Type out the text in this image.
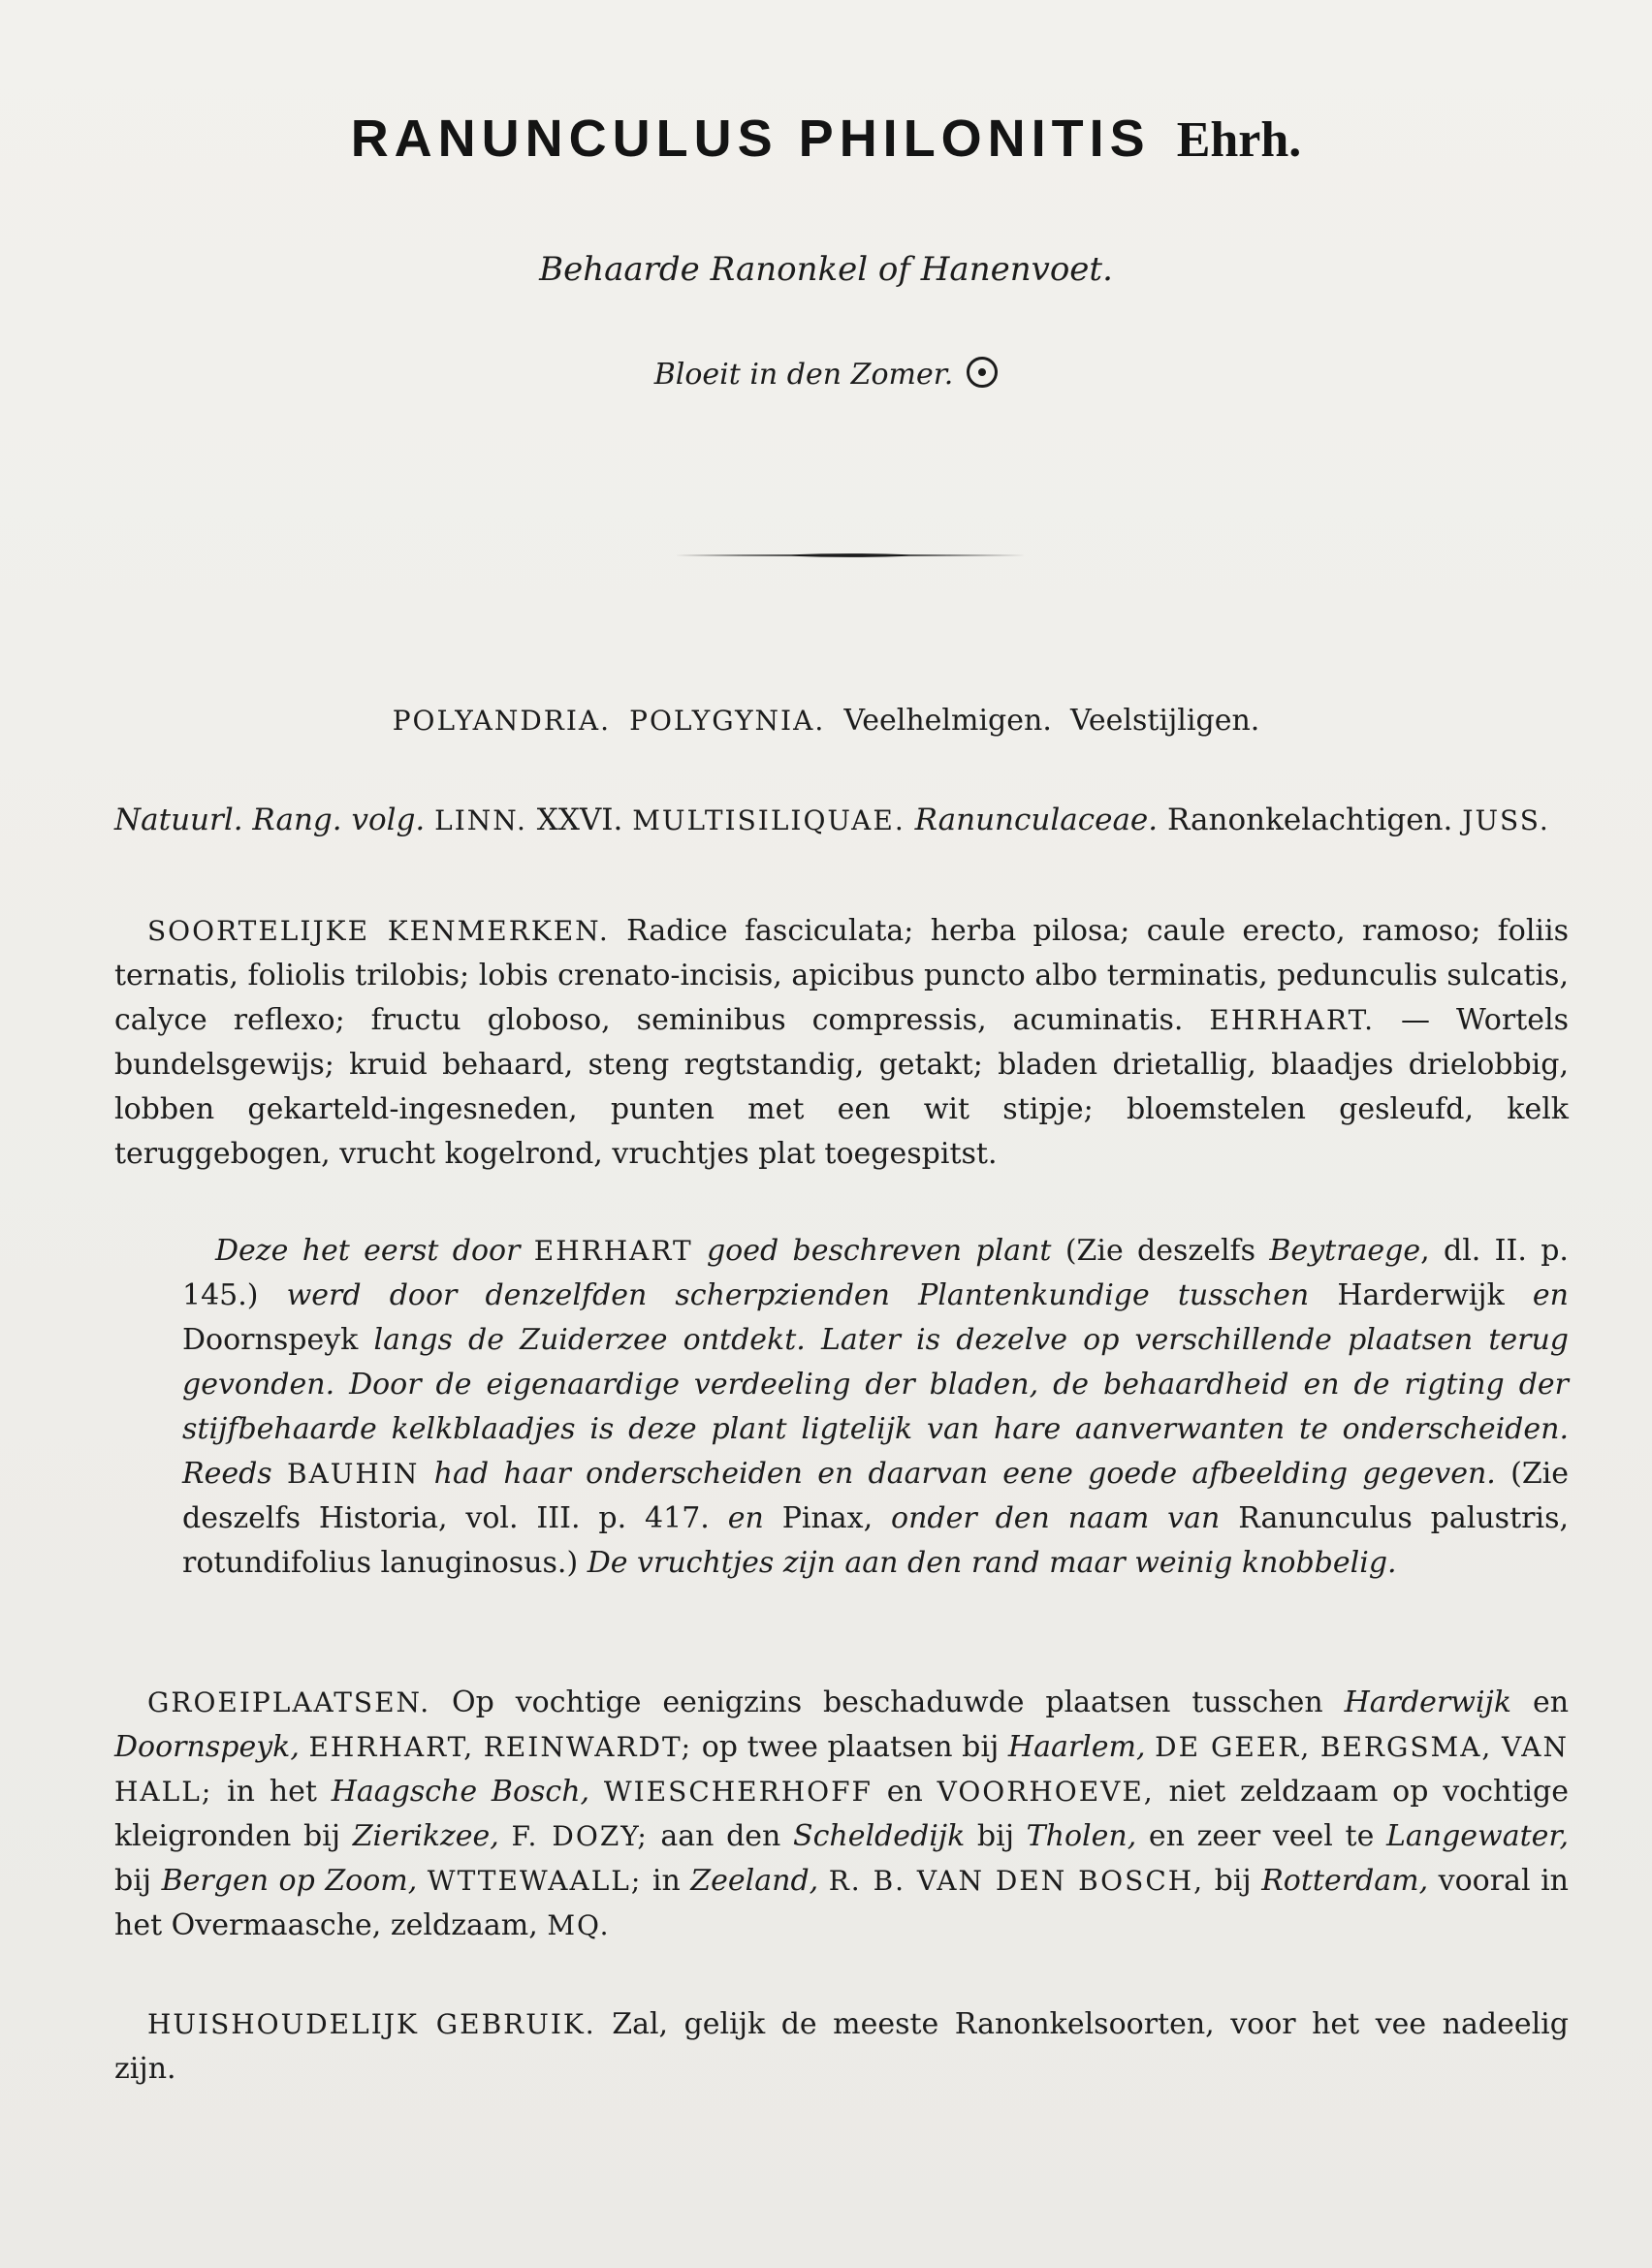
RANUNCULUS PHILONITIS Ehrh.
Behaarde Ranonkel of Hanenvoet.
Bloeit in den Zomer.
POLYANDRIA. POLYGYNIA. Veelhelmigen. Veelstijligen.
Natuurl. Rang. volg. LINN. XXVI. MULTISILIQUAE. Ranunculaceae. Ranonkelachtigen. JUSS.
SOORTELIJKE KENMERKEN. Radice fasciculata; herba pilosa; caule erecto, ramoso; foliis ternatis, foliolis trilobis; lobis crenato-incisis, apicibus puncto albo terminatis, pedunculis sulcatis, calyce reflexo; fructu globoso, seminibus compressis, acuminatis. EHRHART. — Wortels bundelsgewijs; kruid behaard, steng regtstandig, getakt; bladen drietallig, blaadjes drielobbig, lobben gekarteld-ingesneden, punten met een wit stipje; bloemstelen gesleufd, kelk teruggebogen, vrucht kogelrond, vruchtjes plat toegespitst.
Deze het eerst door EHRHART goed beschreven plant (Zie deszelfs Beytraege, dl. II. p. 145.) werd door denzelfden scherpzienden Plantenkundige tusschen Harderwijk en Doornspeyk langs de Zuiderzee ontdekt. Later is dezelve op verschillende plaatsen terug gevonden. Door de eigenaardige verdeeling der bladen, de behaardheid en de rigting der stijfbehaarde kelkblaadjes is deze plant ligtelijk van hare aanverwanten te onderscheiden. Reeds BAUHIN had haar onderscheiden en daarvan eene goede afbeelding gegeven. (Zie deszelfs Historia, vol. III. p. 417. en Pinax, onder den naam van Ranunculus palustris, rotundifolius lanuginosus.) De vruchtjes zijn aan den rand maar weinig knobbelig.
GROEIPLAATSEN. Op vochtige eenigzins beschaduwde plaatsen tusschen Harderwijk en Doornspeyk, EHRHART, REINWARDT; op twee plaatsen bij Haarlem, DE GEER, BERGSMA, VAN HALL; in het Haagsche Bosch, WIESCHERHOFF en VOORHOEVE, niet zeldzaam op vochtige kleigronden bij Zierikzee, F. DOZY; aan den Scheldedijk bij Tholen, en zeer veel te Langewater, bij Bergen op Zoom, WTTEWAALL; in Zeeland, R. B. VAN DEN BOSCH, bij Rotterdam, vooral in het Overmaasche, zeldzaam, MQ.
HUISHOUDELIJK GEBRUIK. Zal, gelijk de meeste Ranonkelsoorten, voor het vee nadeelig zijn.
